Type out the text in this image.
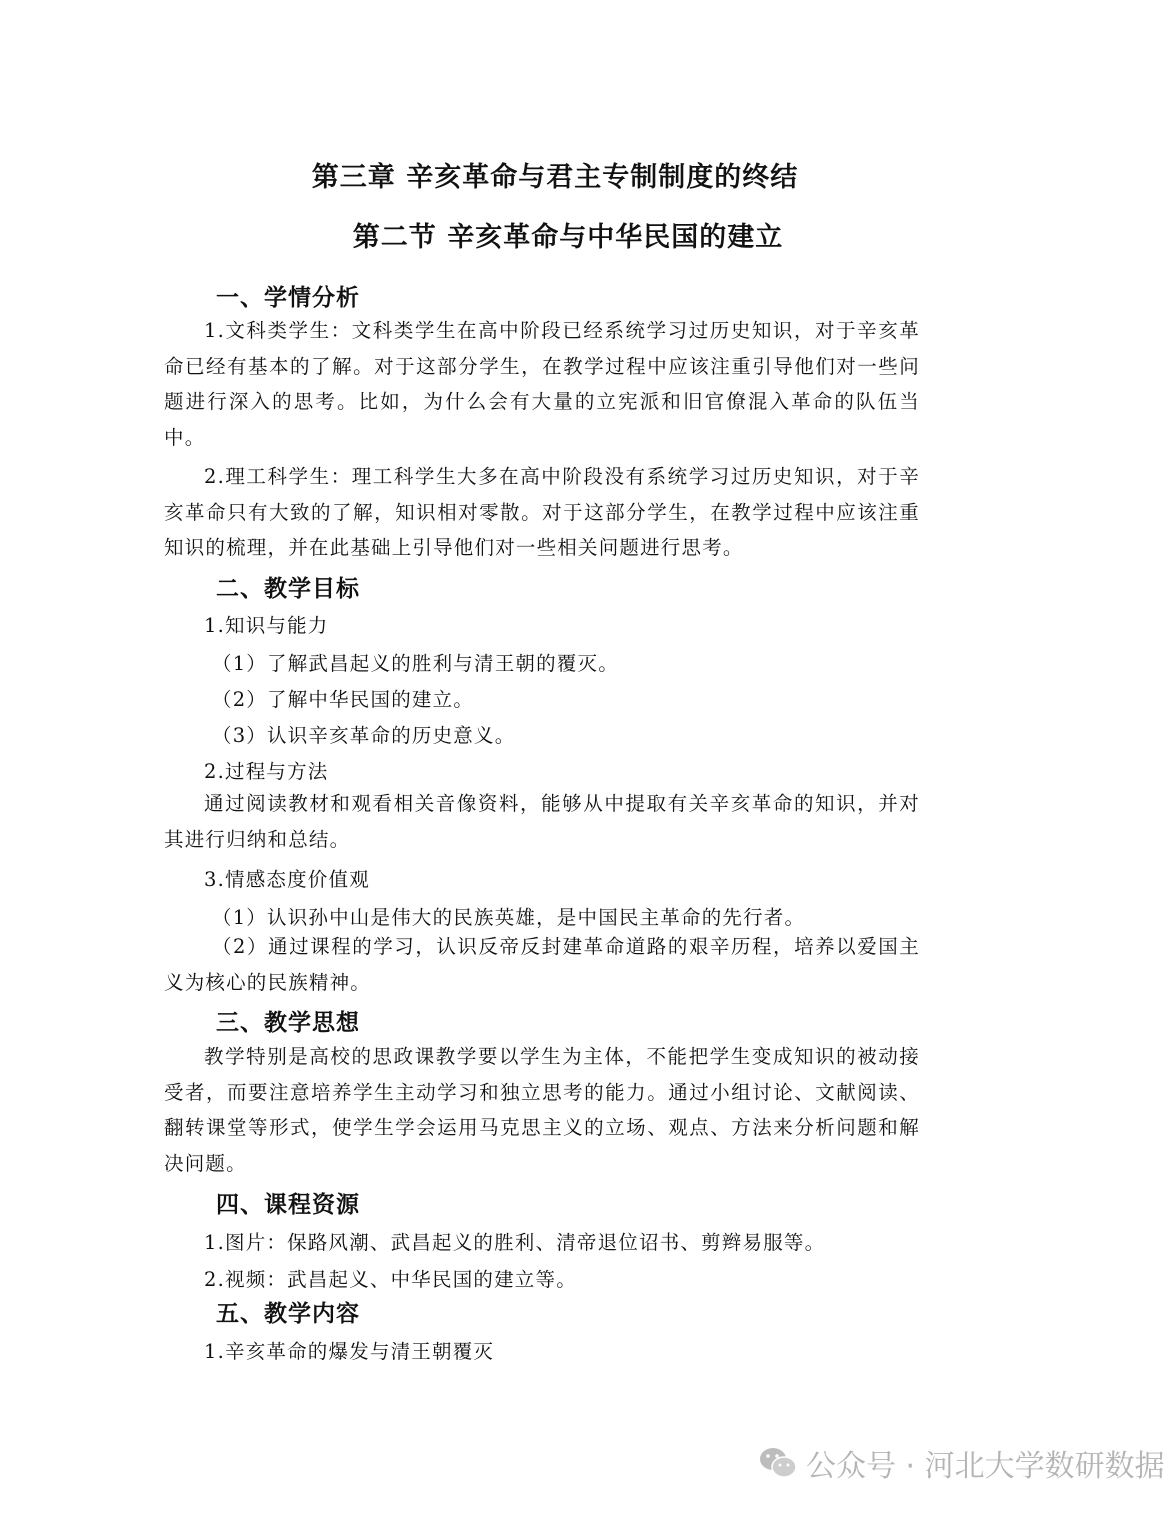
第三章 辛亥革命与君主专制制度的终结
第二节 辛亥革命与中华民国的建立
一、学情分析

1.文科类学生：文科类学生在高中阶段已经系统学习过历史知识，对于辛亥革命已经有基本的了解。对于这部分学生，在教学过程中应该注重引导他们对一些问题进行深入的思考。比如，为什么会有大量的立宪派和旧官僚混入革命的队伍当中。

2.理工科学生：理工科学生大多在高中阶段没有系统学习过历史知识，对于辛亥革命只有大致的了解，知识相对零散。对于这部分学生，在教学过程中应该注重知识的梳理，并在此基础上引导他们对一些相关问题进行思考。

二、教学目标
1.知识与能力
（1）了解武昌起义的胜利与清王朝的覆灭。
（2）了解中华民国的建立。
（3）认识辛亥革命的历史意义。
2.过程与方法

通过阅读教材和观看相关音像资料，能够从中提取有关辛亥革命的知识，并对其进行归纳和总结。

3.情感态度价值观
（1）认识孙中山是伟大的民族英雄，是中国民主革命的先行者。

（2）通过课程的学习，认识反帝反封建革命道路的艰辛历程，培养以爱国主义为核心的民族精神。

三、教学思想

教学特别是高校的思政课教学要以学生为主体，不能把学生变成知识的被动接受者，而要注意培养学生主动学习和独立思考的能力。通过小组讨论、文献阅读、翻转课堂等形式，使学生学会运用马克思主义的立场、观点、方法来分析问题和解决问题。

四、课程资源
1.图片：保路风潮、武昌起义的胜利、清帝退位诏书、剪辫易服等。
2.视频：武昌起义、中华民国的建立等。
五、教学内容
1.辛亥革命的爆发与清王朝覆灭
公众号 · 河北大学数研数据
